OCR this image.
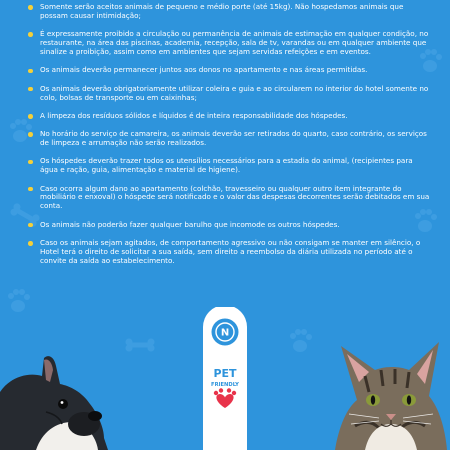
Somente serão aceitos animais de pequeno e médio porte (até 15kg). Não hospedamos animais que possam causar intimidação;
É expressamente proibido a circulação ou permanência de animais de estimação em qualquer condição, no restaurante, na área das piscinas, academia, recepção, sala de tv, varandas ou em qualquer ambiente que sinalize a proibição, assim como em ambientes que sejam servidas refeições e em eventos.
Os animais deverão permanecer juntos aos donos no apartamento e nas áreas permitidas.
Os animais deverão obrigatoriamente utilizar coleira e guia e ao circularem no interior do hotel somente no colo, bolsas de transporte ou em caixinhas;
A limpeza dos resíduos sólidos e líquidos é de inteira responsabilidade dos hóspedes.
No horário do serviço de camareira, os animais deverão ser retirados do quarto, caso contrário, os serviços de limpeza e arrumação não serão realizados.
Os hóspedes deverão trazer todos os utensílios necessários para a estadia do animal, (recipientes para água e ração, guia, alimentação e material de higiene).
Caso ocorra algum dano ao apartamento (colchão, travesseiro ou qualquer outro item integrante do mobiliário e enxoval) o hóspede será notificado e o valor das despesas decorrentes serão debitados em sua conta.
Os animais não poderão fazer qualquer barulho que incomode os outros hóspedes.
Caso os animais sejam agitados, de comportamento agressivo ou não consigam se manter em silêncio, o Hotel terá o direito de solicitar a sua saída, sem direito a reembolso da diária utilizada no período até o convite da saída ao estabelecimento.
N
PET
FRIENDLY
